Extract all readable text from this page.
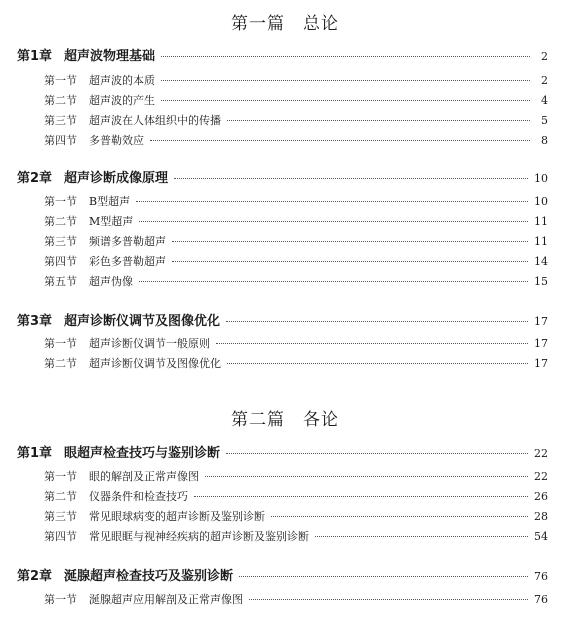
第一篇 总论
第1章 超声波物理基础	2
第一节 超声波的本质	2
第二节 超声波的产生	4
第三节 超声波在人体组织中的传播	5
第四节 多普勒效应	8
第2章 超声诊断成像原理	10
第一节 B型超声	10
第二节 M型超声	11
第三节 频谱多普勒超声	11
第四节 彩色多普勒超声	14
第五节 超声伪像	15
第3章 超声诊断仪调节及图像优化	17
第一节 超声诊断仪调节一般原则	17
第二节 超声诊断仪调节及图像优化	17
第二篇 各论
第1章 眼超声检查技巧与鉴别诊断	22
第一节 眼的解剖及正常声像图	22
第二节 仪器条件和检查技巧	26
第三节 常见眼球病变的超声诊断及鉴别诊断	28
第四节 常见眼眶与视神经疾病的超声诊断及鉴别诊断	54
第2章 涎腺超声检查技巧及鉴别诊断	76
第一节 涎腺超声应用解剖及正常声像图	76
